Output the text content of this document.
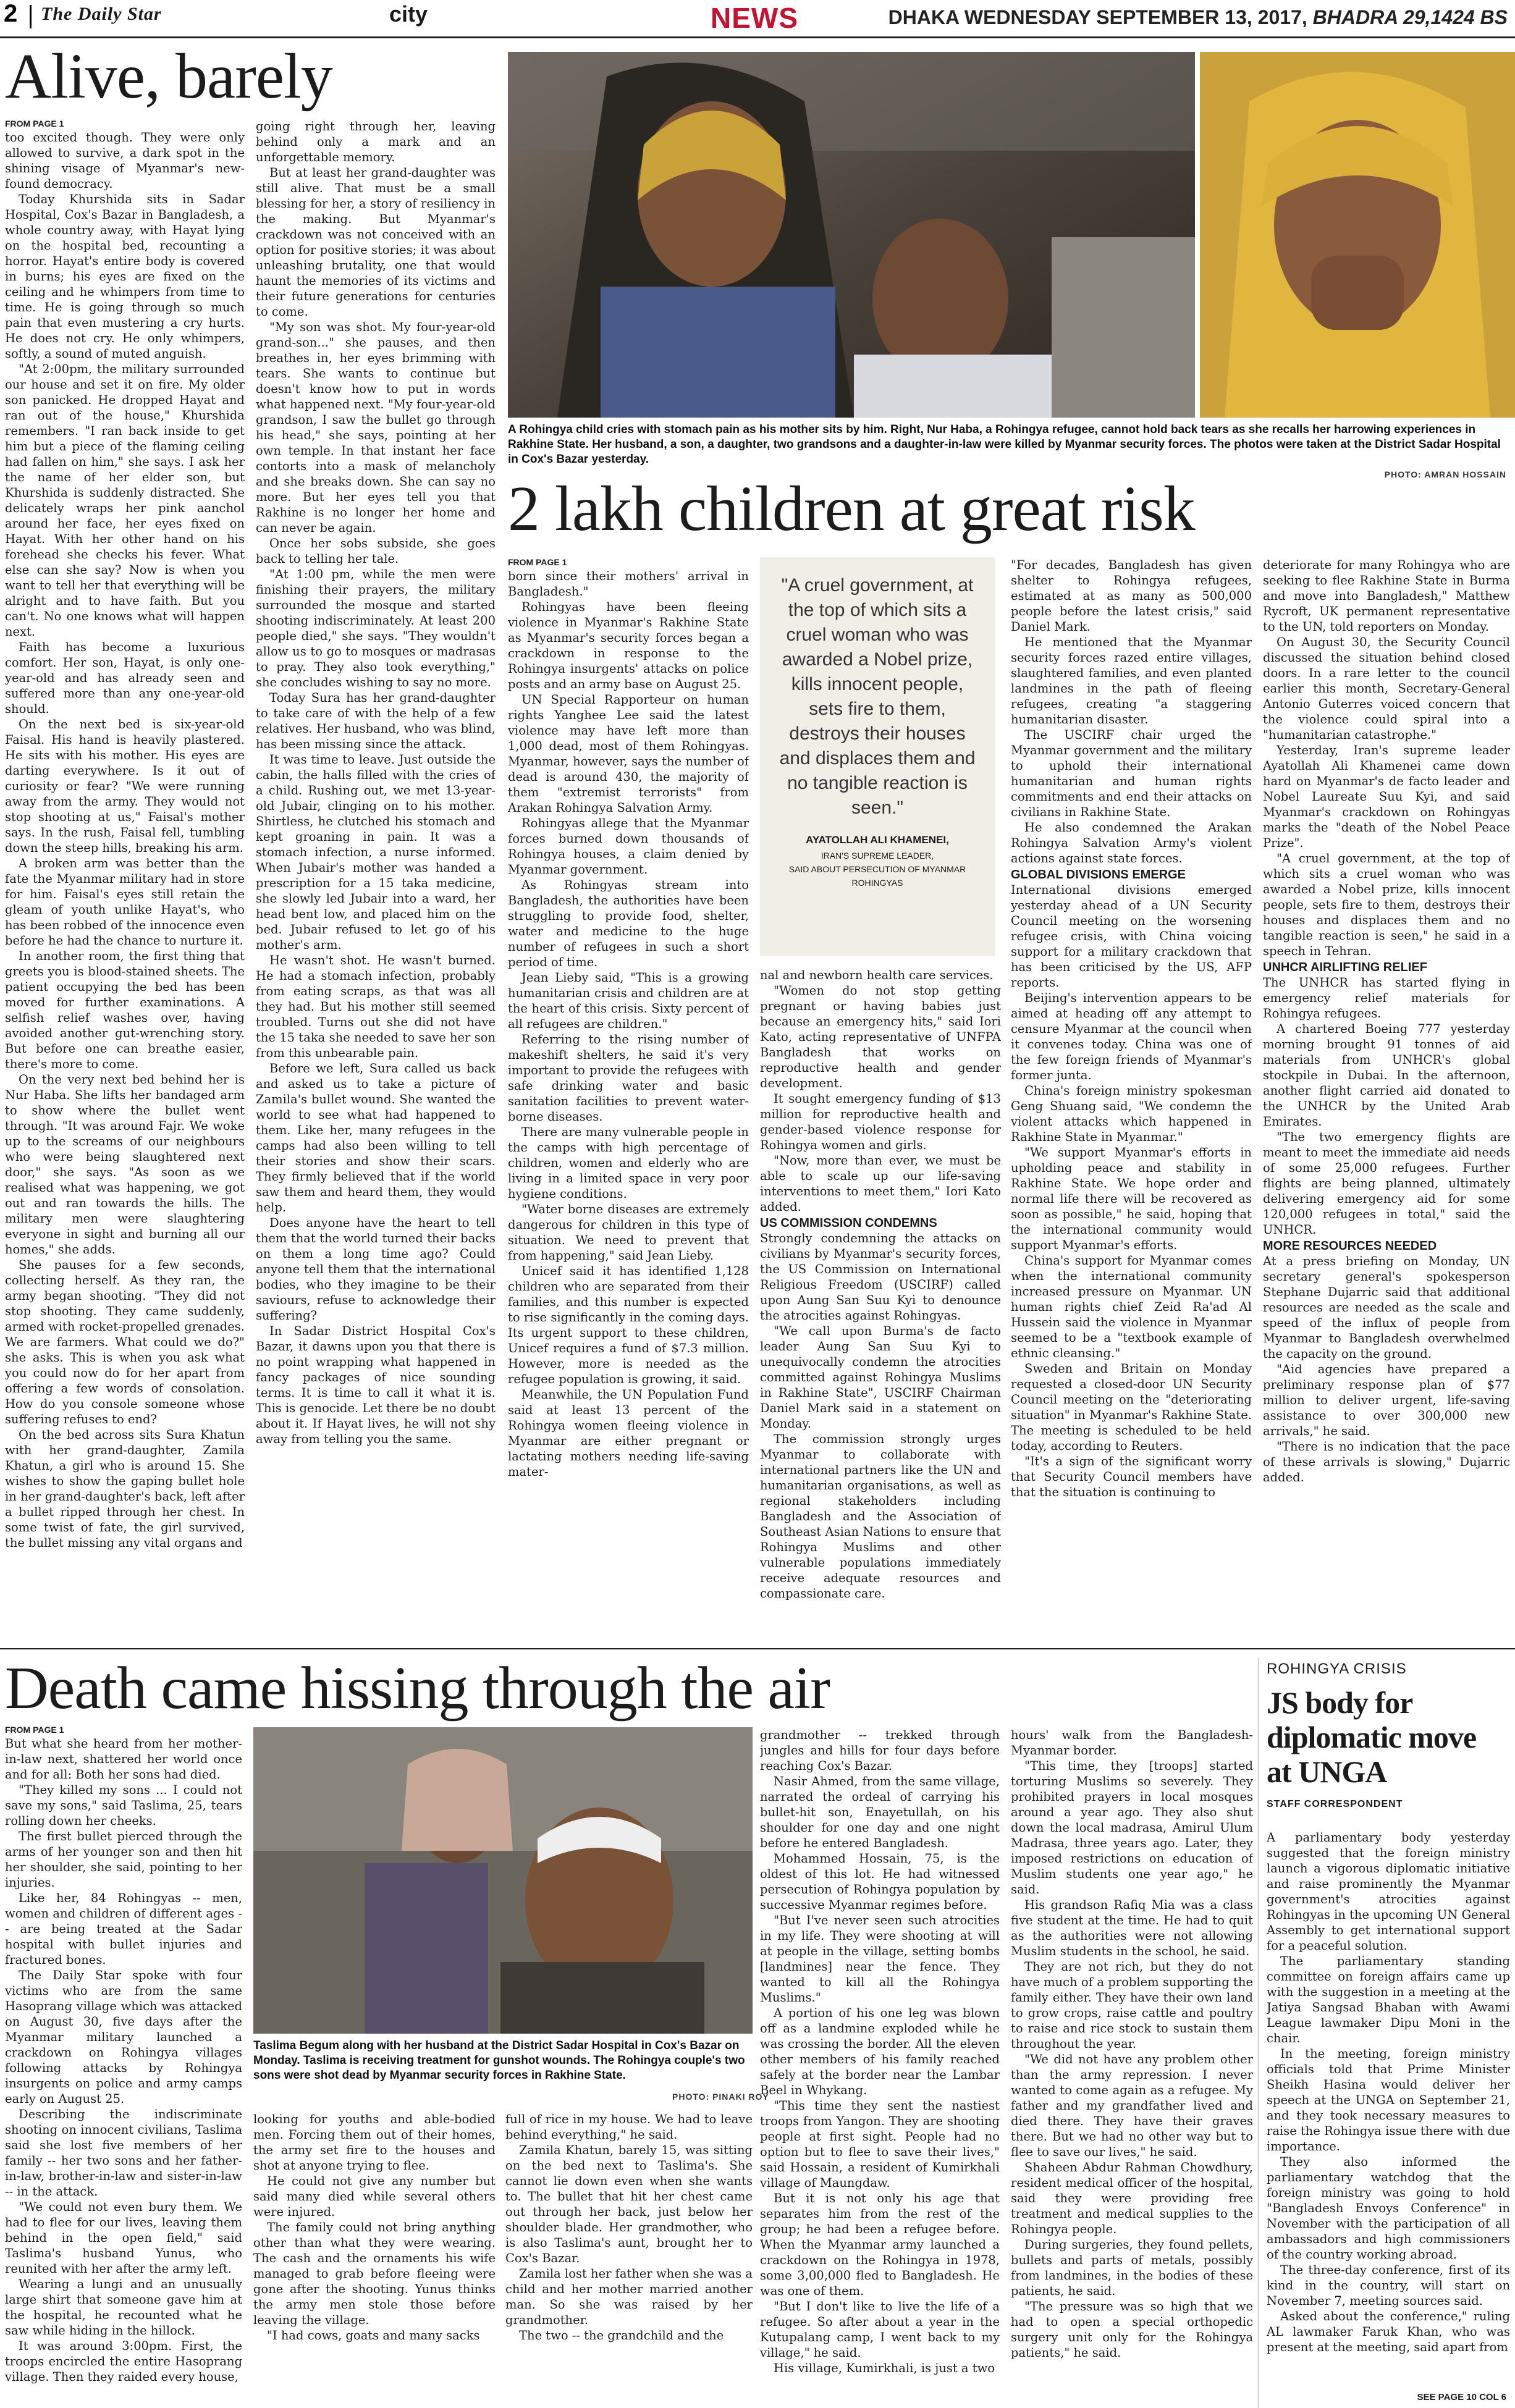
2 The Daily Star	city	NEWS	DHAKA WEDNESDAY SEPTEMBER 13, 2017, BHADRA 29,1424 BS
Alive, barely
FROM PAGE 1

too excited though. They were only allowed to survive, a dark spot in the shining visage of Myanmar's new-found democracy.

Today Khurshida sits in Sadar Hospital, Cox's Bazar in Bangladesh, a whole country away, with Hayat lying on the hospital bed, recounting a horror. Hayat's entire body is covered in burns; his eyes are fixed on the ceiling and he whimpers from time to time. He is going through so much pain that even mustering a cry hurts. He does not cry. He only whimpers, softly, a sound of muted anguish.

"At 2:00pm, the military surrounded our house and set it on fire. My older son panicked. He dropped Hayat and ran out of the house," Khurshida remembers. "I ran back inside to get him but a piece of the flaming ceiling had fallen on him," she says. I ask her the name of her elder son, but Khurshida is suddenly distracted. She delicately wraps her pink aanchol around her face, her eyes fixed on Hayat. With her other hand on his forehead she checks his fever. What else can she say? Now is when you want to tell her that everything will be alright and to have faith. But you can't. No one knows what will happen next.

Faith has become a luxurious comfort. Her son, Hayat, is only one-year-old and has already seen and suffered more than any one-year-old should.

On the next bed is six-year-old Faisal. His hand is heavily plastered. He sits with his mother. His eyes are darting everywhere. Is it out of curiosity or fear? "We were running away from the army. They would not stop shooting at us," Faisal's mother says. In the rush, Faisal fell, tumbling down the steep hills, breaking his arm.

A broken arm was better than the fate the Myanmar military had in store for him. Faisal's eyes still retain the gleam of youth unlike Hayat's, who has been robbed of the innocence even before he had the chance to nurture it.

In another room, the first thing that greets you is blood-stained sheets. The patient occupying the bed has been moved for further examinations. A selfish relief washes over, having avoided another gut-wrenching story. But before one can breathe easier, there's more to come.

On the very next bed behind her is Nur Haba. She lifts her bandaged arm to show where the bullet went through. "It was around Fajr. We woke up to the screams of our neighbours who were being slaughtered next door," she says. "As soon as we realised what was happening, we got out and ran towards the hills. The military men were slaughtering everyone in sight and burning all our homes," she adds.

She pauses for a few seconds, collecting herself. As they ran, the army began shooting. "They did not stop shooting. They came suddenly, armed with rocket-propelled grenades. We are farmers. What could we do?" she asks. This is when you ask what you could now do for her apart from offering a few words of consolation. How do you console someone whose suffering refuses to end?

On the bed across sits Sura Khatun with her grand-daughter, Zamila Khatun, a girl who is around 15. She wishes to show the gaping bullet hole in her grand-daughter's back, left after a bullet ripped through her chest. In some twist of fate, the girl survived, the bullet missing any vital organs and

going right through her, leaving behind only a mark and an unforgettable memory.

But at least her grand-daughter was still alive. That must be a small blessing for her, a story of resiliency in the making. But Myanmar's crackdown was not conceived with an option for positive stories; it was about unleashing brutality, one that would haunt the memories of its victims and their future generations for centuries to come.

"My son was shot. My four-year-old grand-son..." she pauses, and then breathes in, her eyes brimming with tears. She wants to continue but doesn't know how to put in words what happened next. "My four-year-old grandson, I saw the bullet go through his head," she says, pointing at her own temple. In that instant her face contorts into a mask of melancholy and she breaks down. She can say no more. But her eyes tell you that Rakhine is no longer her home and can never be again.

Once her sobs subside, she goes back to telling her tale.

"At 1:00 pm, while the men were finishing their prayers, the military surrounded the mosque and started shooting indiscriminately. At least 200 people died," she says. "They wouldn't allow us to go to mosques or madrasas to pray. They also took everything," she concludes wishing to say no more.

Today Sura has her grand-daughter to take care of with the help of a few relatives. Her husband, who was blind, has been missing since the attack.

It was time to leave. Just outside the cabin, the halls filled with the cries of a child. Rushing out, we met 13-year-old Jubair, clinging on to his mother. Shirtless, he clutched his stomach and kept groaning in pain. It was a stomach infection, a nurse informed. When Jubair's mother was handed a prescription for a 15 taka medicine, she slowly led Jubair into a ward, her head bent low, and placed him on the bed. Jubair refused to let go of his mother's arm.

He wasn't shot. He wasn't burned. He had a stomach infection, probably from eating scraps, as that was all they had. But his mother still seemed troubled. Turns out she did not have the 15 taka she needed to save her son from this unbearable pain.

Before we left, Sura called us back and asked us to take a picture of Zamila's bullet wound. She wanted the world to see what had happened to them. Like her, many refugees in the camps had also been willing to tell their stories and show their scars. They firmly believed that if the world saw them and heard them, they would help.

Does anyone have the heart to tell them that the world turned their backs on them a long time ago? Could anyone tell them that the international bodies, who they imagine to be their saviours, refuse to acknowledge their suffering?

In Sadar District Hospital Cox's Bazar, it dawns upon you that there is no point wrapping what happened in fancy packages of nice sounding terms. It is time to call it what it is. This is genocide. Let there be no doubt about it. If Hayat lives, he will not shy away from telling you the same.

A Rohingya child cries with stomach pain as his mother sits by him. Right, Nur Haba, a Rohingya refugee, cannot hold back tears as she recalls her harrowing experiences in Rakhine State. Her husband, a son, a daughter, two grandsons and a daughter-in-law were killed by Myanmar security forces. The photos were taken at the District Sadar Hospital in Cox's Bazar yesterday.
PHOTO: AMRAN HOSSAIN
2 lakh children at great risk
FROM PAGE 1

born since their mothers' arrival in Bangladesh."

Rohingyas have been fleeing violence in Myanmar's Rakhine State as Myanmar's security forces began a crackdown in response to the Rohingya insurgents' attacks on police posts and an army base on August 25.

UN Special Rapporteur on human rights Yanghee Lee said the latest violence may have left more than 1,000 dead, most of them Rohingyas. Myanmar, however, says the number of dead is around 430, the majority of them "extremist terrorists" from Arakan Rohingya Salvation Army.

Rohingyas allege that the Myanmar forces burned down thousands of Rohingya houses, a claim denied by Myanmar government.

As Rohingyas stream into Bangladesh, the authorities have been struggling to provide food, shelter, water and medicine to the huge number of refugees in such a short period of time.

Jean Lieby said, "This is a growing humanitarian crisis and children are at the heart of this crisis. Sixty percent of all refugees are children."

Referring to the rising number of makeshift shelters, he said it's very important to provide the refugees with safe drinking water and basic sanitation facilities to prevent water-borne diseases.

There are many vulnerable people in the camps with high percentage of children, women and elderly who are living in a limited space in very poor hygiene conditions.

"Water borne diseases are extremely dangerous for children in this type of situation. We need to prevent that from happening," said Jean Lieby.

Unicef said it has identified 1,128 children who are separated from their families, and this number is expected to rise significantly in the coming days. Its urgent support to these children, Unicef requires a fund of $7.3 million. However, more is needed as the refugee population is growing, it said.

Meanwhile, the UN Population Fund said at least 13 percent of the Rohingya women fleeing violence in Myanmar are either pregnant or lactating mothers needing life-saving mater-

"A cruel government, at the top of which sits a cruel woman who was awarded a Nobel prize, kills innocent people, sets fire to them, destroys their houses and displaces them and no tangible reaction is seen."
AYATOLLAH ALI KHAMENEI,
IRAN'S SUPREME LEADER,
SAID ABOUT PERSECUTION OF MYANMAR ROHINGYAS

nal and newborn health care services.

"Women do not stop getting pregnant or having babies just because an emergency hits," said Iori Kato, acting representative of UNFPA Bangladesh that works on reproductive health and gender development.

It sought emergency funding of $13 million for reproductive health and gender-based violence response for Rohingya women and girls.

"Now, more than ever, we must be able to scale up our life-saving interventions to meet them," Iori Kato added.

US COMMISSION CONDEMNS

Strongly condemning the attacks on civilians by Myanmar's security forces, the US Commission on International Religious Freedom (USCIRF) called upon Aung San Suu Kyi to denounce the atrocities against Rohingyas.

"We call upon Burma's de facto leader Aung San Suu Kyi to unequivocally condemn the atrocities committed against Rohingya Muslims in Rakhine State", USCIRF Chairman Daniel Mark said in a statement on Monday.

The commission strongly urges Myanmar to collaborate with international partners like the UN and humanitarian organisations, as well as regional stakeholders including Bangladesh and the Association of Southeast Asian Nations to ensure that Rohingya Muslims and other vulnerable populations immediately receive adequate resources and compassionate care.

"For decades, Bangladesh has given shelter to Rohingya refugees, estimated at as many as 500,000 people before the latest crisis," said Daniel Mark.

He mentioned that the Myanmar security forces razed entire villages, slaughtered families, and even planted landmines in the path of fleeing refugees, creating "a staggering humanitarian disaster.

The USCIRF chair urged the Myanmar government and the military to uphold their international humanitarian and human rights commitments and end their attacks on civilians in Rakhine State.

He also condemned the Arakan Rohingya Salvation Army's violent actions against state forces.

GLOBAL DIVISIONS EMERGE

International divisions emerged yesterday ahead of a UN Security Council meeting on the worsening refugee crisis, with China voicing support for a military crackdown that has been criticised by the US, AFP reports.

Beijing's intervention appears to be aimed at heading off any attempt to censure Myanmar at the council when it convenes today. China was one of the few foreign friends of Myanmar's former junta.

China's foreign ministry spokesman Geng Shuang said, "We condemn the violent attacks which happened in Rakhine State in Myanmar."

"We support Myanmar's efforts in upholding peace and stability in Rakhine State. We hope order and normal life there will be recovered as soon as possible," he said, hoping that the international community would support Myanmar's efforts.

China's support for Myanmar comes when the international community increased pressure on Myanmar. UN human rights chief Zeid Ra'ad Al Hussein said the violence in Myanmar seemed to be a "textbook example of ethnic cleansing."

Sweden and Britain on Monday requested a closed-door UN Security Council meeting on the "deteriorating situation" in Myanmar's Rakhine State. The meeting is scheduled to be held today, according to Reuters.

"It's a sign of the significant worry that Security Council members have that the situation is continuing to

deteriorate for many Rohingya who are seeking to flee Rakhine State in Burma and move into Bangladesh," Matthew Rycroft, UK permanent representative to the UN, told reporters on Monday.

On August 30, the Security Council discussed the situation behind closed doors. In a rare letter to the council earlier this month, Secretary-General Antonio Guterres voiced concern that the violence could spiral into a "humanitarian catastrophe."

Yesterday, Iran's supreme leader Ayatollah Ali Khamenei came down hard on Myanmar's de facto leader and Nobel Laureate Suu Kyi, and said Myanmar's crackdown on Rohingyas marks the "death of the Nobel Peace Prize".

"A cruel government, at the top of which sits a cruel woman who was awarded a Nobel prize, kills innocent people, sets fire to them, destroys their houses and displaces them and no tangible reaction is seen," he said in a speech in Tehran.

UNHCR AIRLIFTING RELIEF

The UNHCR has started flying in emergency relief materials for Rohingya refugees.

A chartered Boeing 777 yesterday morning brought 91 tonnes of aid materials from UNHCR's global stockpile in Dubai. In the afternoon, another flight carried aid donated to the UNHCR by the United Arab Emirates.

"The two emergency flights are meant to meet the immediate aid needs of some 25,000 refugees. Further flights are being planned, ultimately delivering emergency aid for some 120,000 refugees in total," said the UNHCR.

MORE RESOURCES NEEDED

At a press briefing on Monday, UN secretary general's spokesperson Stephane Dujarric said that additional resources are needed as the scale and speed of the influx of people from Myanmar to Bangladesh overwhelmed the capacity on the ground.

"Aid agencies have prepared a preliminary response plan of $77 million to deliver urgent, life-saving assistance to over 300,000 new arrivals," he said.

"There is no indication that the pace of these arrivals is slowing," Dujarric added.

Death came hissing through the air
FROM PAGE 1

But what she heard from her mother-in-law next, shattered her world once and for all: Both her sons had died.

"They killed my sons ... I could not save my sons," said Taslima, 25, tears rolling down her cheeks.

The first bullet pierced through the arms of her younger son and then hit her shoulder, she said, pointing to her injuries.

Like her, 84 Rohingyas -- men, women and children of different ages -- are being treated at the Sadar hospital with bullet injuries and fractured bones.

The Daily Star spoke with four victims who are from the same Hasoprang village which was attacked on August 30, five days after the Myanmar military launched a crackdown on Rohingya villages following attacks by Rohingya insurgents on police and army camps early on August 25.

Describing the indiscriminate shooting on innocent civilians, Taslima said she lost five members of her family -- her two sons and her father-in-law, brother-in-law and sister-in-law -- in the attack.

"We could not even bury them. We had to flee for our lives, leaving them behind in the open field," said Taslima's husband Yunus, who reunited with her after the army left.

Wearing a lungi and an unusually large shirt that someone gave him at the hospital, he recounted what he saw while hiding in the hillock.

It was around 3:00pm. First, the troops encircled the entire Hasoprang village. Then they raided every house,

Taslima Begum along with her husband at the District Sadar Hospital in Cox's Bazar on Monday. Taslima is receiving treatment for gunshot wounds. The Rohingya couple's two sons were shot dead by Myanmar security forces in Rakhine State.
PHOTO: PINAKI ROY

looking for youths and able-bodied men. Forcing them out of their homes, the army set fire to the houses and shot at anyone trying to flee.

He could not give any number but said many died while several others were injured.

The family could not bring anything other than what they were wearing. The cash and the ornaments his wife managed to grab before fleeing were gone after the shooting. Yunus thinks the army men stole those before leaving the village.

"I had cows, goats and many sacks

full of rice in my house. We had to leave behind everything," he said.

Zamila Khatun, barely 15, was sitting on the bed next to Taslima's. She cannot lie down even when she wants to. The bullet that hit her chest came out through her back, just below her shoulder blade. Her grandmother, who is also Taslima's aunt, brought her to Cox's Bazar.

Zamila lost her father when she was a child and her mother married another man. So she was raised by her grandmother.

The two -- the grandchild and the

grandmother -- trekked through jungles and hills for four days before reaching Cox's Bazar.

Nasir Ahmed, from the same village, narrated the ordeal of carrying his bullet-hit son, Enayetullah, on his shoulder for one day and one night before he entered Bangladesh.

Mohammed Hossain, 75, is the oldest of this lot. He had witnessed persecution of Rohingya population by successive Myanmar regimes before.

"But I've never seen such atrocities in my life. They were shooting at will at people in the village, setting bombs [landmines] near the fence. They wanted to kill all the Rohingya Muslims."

A portion of his one leg was blown off as a landmine exploded while he was crossing the border. All the eleven other members of his family reached safely at the border near the Lambar Beel in Whykang.

"This time they sent the nastiest troops from Yangon. They are shooting people at first sight. People had no option but to flee to save their lives," said Hossain, a resident of Kumirkhali village of Maungdaw.

But it is not only his age that separates him from the rest of the group; he had been a refugee before. When the Myanmar army launched a crackdown on the Rohingya in 1978, some 3,00,000 fled to Bangladesh. He was one of them.

"But I don't like to live the life of a refugee. So after about a year in the Kutupalang camp, I went back to my village," he said.

His village, Kumirkhali, is just a two

hours' walk from the Bangladesh-Myanmar border.

"This time, they [troops] started torturing Muslims so severely. They prohibited prayers in local mosques around a year ago. They also shut down the local madrasa, Amirul Ulum Madrasa, three years ago. Later, they imposed restrictions on education of Muslim students one year ago," he said.

His grandson Rafiq Mia was a class five student at the time. He had to quit as the authorities were not allowing Muslim students in the school, he said.

They are not rich, but they do not have much of a problem supporting the family either. They have their own land to grow crops, raise cattle and poultry to raise and rice stock to sustain them throughout the year.

"We did not have any problem other than the army repression. I never wanted to come again as a refugee. My father and my grandfather lived and died there. They have their graves there. But we had no other way but to flee to save our lives," he said.

Shaheen Abdur Rahman Chowdhury, resident medical officer of the hospital, said they were providing free treatment and medical supplies to the Rohingya people.

During surgeries, they found pellets, bullets and parts of metals, possibly from landmines, in the bodies of these patients, he said.

"The pressure was so high that we had to open a special orthopedic surgery unit only for the Rohingya patients," he said.

ROHINGYA CRISIS
JS body for diplomatic move at UNGA
STAFF CORRESPONDENT

A parliamentary body yesterday suggested that the foreign ministry launch a vigorous diplomatic initiative and raise prominently the Myanmar government's atrocities against Rohingyas in the upcoming UN General Assembly to get international support for a peaceful solution.

The parliamentary standing committee on foreign affairs came up with the suggestion in a meeting at the Jatiya Sangsad Bhaban with Awami League lawmaker Dipu Moni in the chair.

In the meeting, foreign ministry officials told that Prime Minister Sheikh Hasina would deliver her speech at the UNGA on September 21, and they took necessary measures to raise the Rohingya issue there with due importance.

They also informed the parliamentary watchdog that the foreign ministry was going to hold "Bangladesh Envoys Conference" in November with the participation of all ambassadors and high commissioners of the country working abroad.

The three-day conference, first of its kind in the country, will start on November 7, meeting sources said.

Asked about the conference," ruling AL lawmaker Faruk Khan, who was present at the meeting, said apart from

SEE PAGE 10 COL 6
